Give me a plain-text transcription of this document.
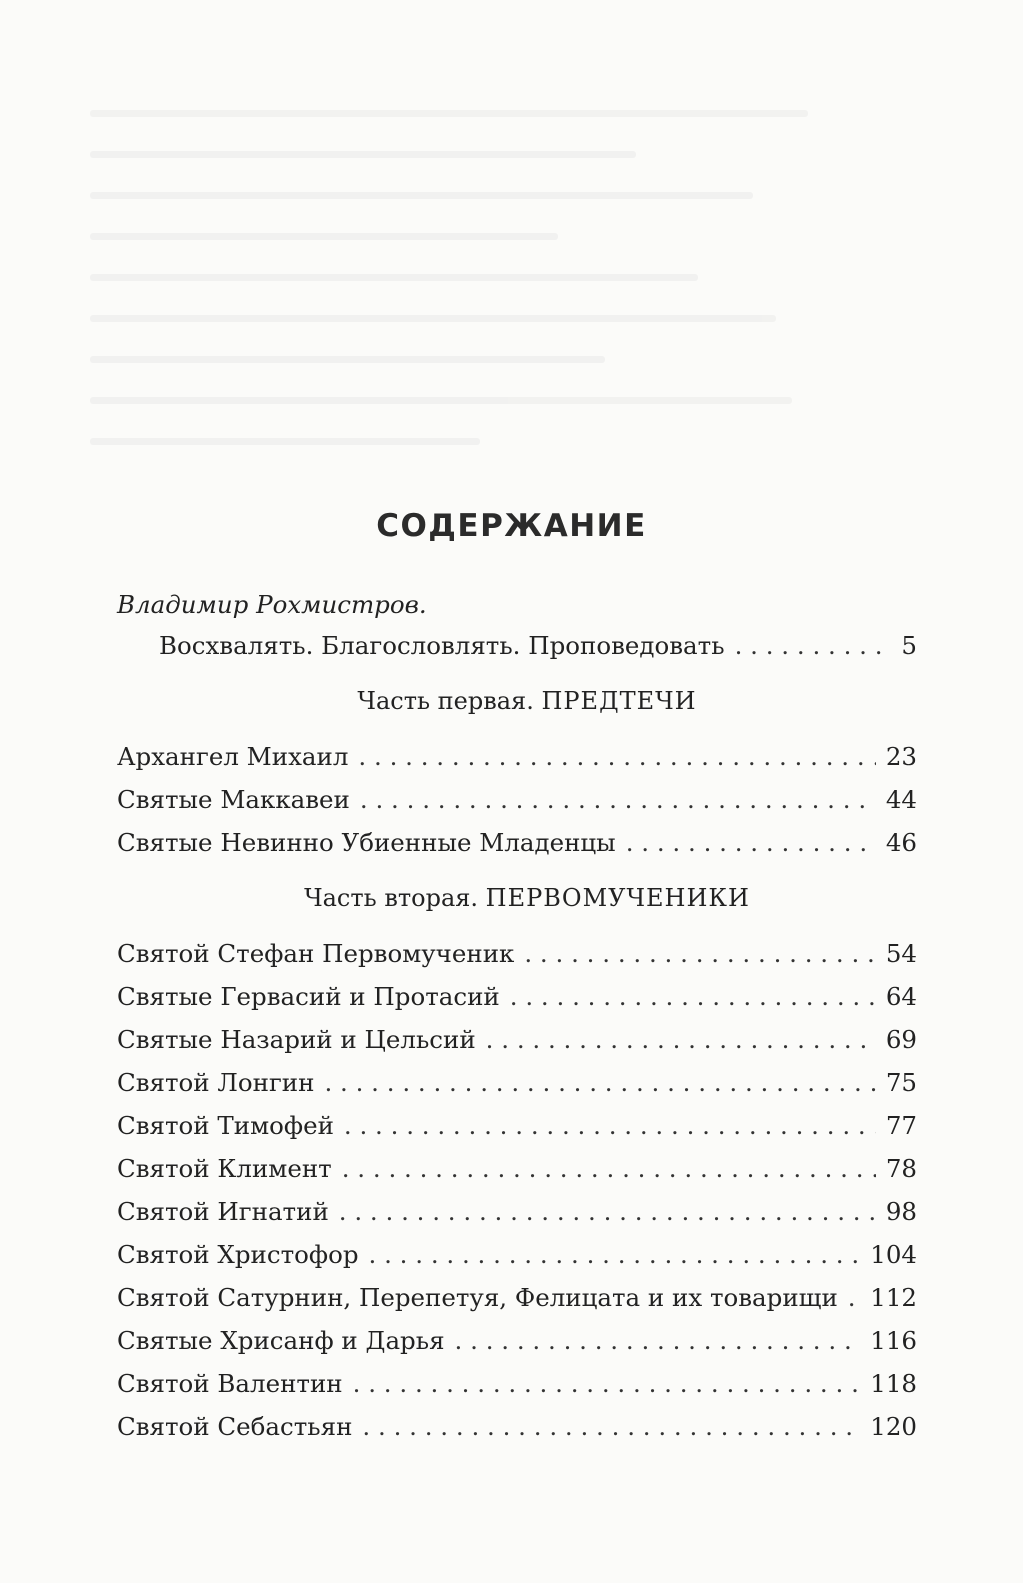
СОДЕРЖАНИЕ
Владимир Рохмистров.
Восхвалять. Благословлять. Проповедовать . . .	5
Часть первая. ПРЕДТЕЧИ
Архангел Михаил . . .	23
Святые Маккавеи . . .	44
Святые Невинно Убиенные Младенцы . . .	46
Часть вторая. ПЕРВОМУЧЕНИКИ
Святой Стефан Первомученик . . .	54
Святые Гервасий и Протасий . . .	64
Святые Назарий и Цельсий . . .	69
Святой Лонгин . . .	75
Святой Тимофей . . .	77
Святой Климент . . .	78
Святой Игнатий . . .	98
Святой Христофор . . .	104
Святой Сатурнин, Перепетуя, Фелицата и их товарищи . . . 112
Святые Хрисанф и Дарья . . .	116
Святой Валентин . . .	118
Святой Себастьян . . .	120
